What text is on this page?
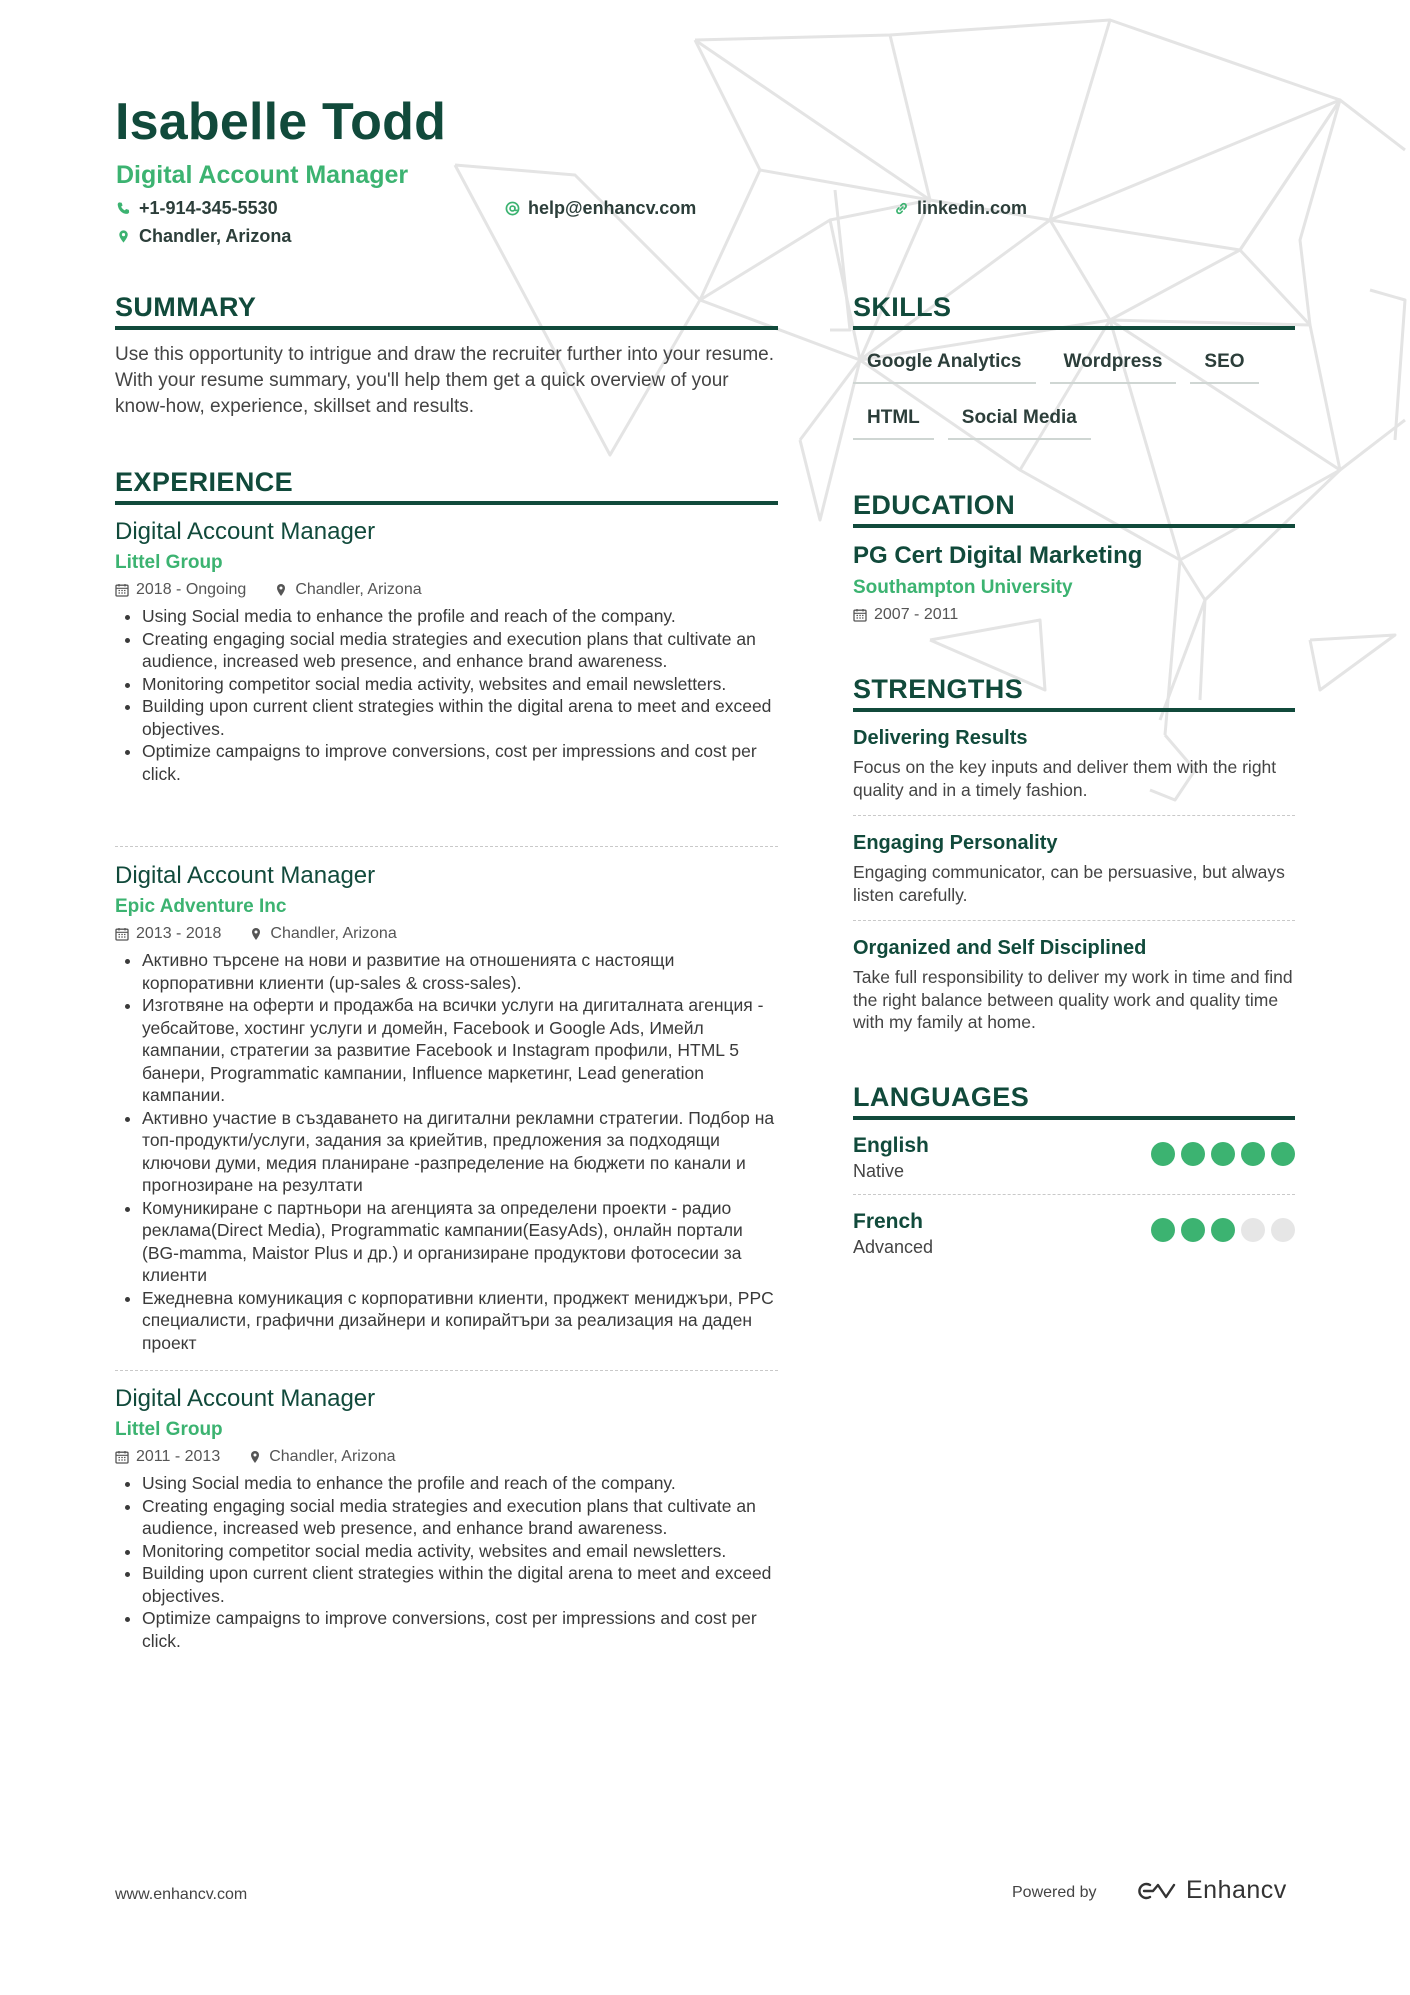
Isabelle Todd
Digital Account Manager
+1-914-345-5530	help@enhancv.com	linkedin.com
Chandler, Arizona
SUMMARY

Use this opportunity to intrigue and draw the recruiter further into your resume. With your resume summary, you'll help them get a quick overview of your know-how, experience, skillset and results.

EXPERIENCE
Digital Account Manager
Littel Group
2018 - Ongoing	Chandler, Arizona
• Using Social media to enhance the profile and reach of the company.
• Creating engaging social media strategies and execution plans that cultivate an audience, increased web presence, and enhance brand awareness.
• Monitoring competitor social media activity, websites and email newsletters.
• Building upon current client strategies within the digital arena to meet and exceed objectives.
• Optimize campaigns to improve conversions, cost per impressions and cost per click.
Digital Account Manager
Epic Adventure Inc
2013 - 2018	Chandler, Arizona
• Активно търсене на нови и развитие на отношенията с настоящи корпоративни клиенти (up-sales & cross-sales).
• Изготвяне на оферти и продажба на всички услуги на дигиталната агенция - уебсайтове, хостинг услуги и домейн, Facebook и Google Ads, Имейл кампании, стратегии за развитие Facebook и Instagram профили, HTML 5 банери, Programmatic кампании, Influence маркетинг, Lead generation кампании.
• Активно участие в създаването на дигитални рекламни стратегии. Подбор на топ-продукти/услуги, задания за криейтив, предложения за подходящи ключови думи, медия планиране -разпределение на бюджети по канали и прогнозиране на резултати
• Комуникиране с партньори на агенцията за определени проекти - радио реклама(Direct Media), Programmatic кампании(EasyAds), онлайн портали (BG-mamma, Maistor Plus и др.) и организиране продуктови фотосесии за клиенти
• Ежедневна комуникация с корпоративни клиенти, проджект мениджъри, PPC специалисти, графични дизайнери и копирайтъри за реализация на даден проект
Digital Account Manager
Littel Group
2011 - 2013	Chandler, Arizona
• Using Social media to enhance the profile and reach of the company.
• Creating engaging social media strategies and execution plans that cultivate an audience, increased web presence, and enhance brand awareness.
• Monitoring competitor social media activity, websites and email newsletters.
• Building upon current client strategies within the digital arena to meet and exceed objectives.
• Optimize campaigns to improve conversions, cost per impressions and cost per click.
SKILLS
Google Analytics	Wordpress	SEO
HTML	Social Media
EDUCATION
PG Cert Digital Marketing
Southampton University
2007 - 2011
STRENGTHS
Delivering Results

Focus on the key inputs and deliver them with the right quality and in a timely fashion.

Engaging Personality

Engaging communicator, can be persuasive, but always listen carefully.

Organized and Self Disciplined

Take full responsibility to deliver my work in time and find the right balance between quality work and quality time with my family at home.

LANGUAGES
English
Native
French
Advanced
www.enhancv.com	Powered by	Enhancv
